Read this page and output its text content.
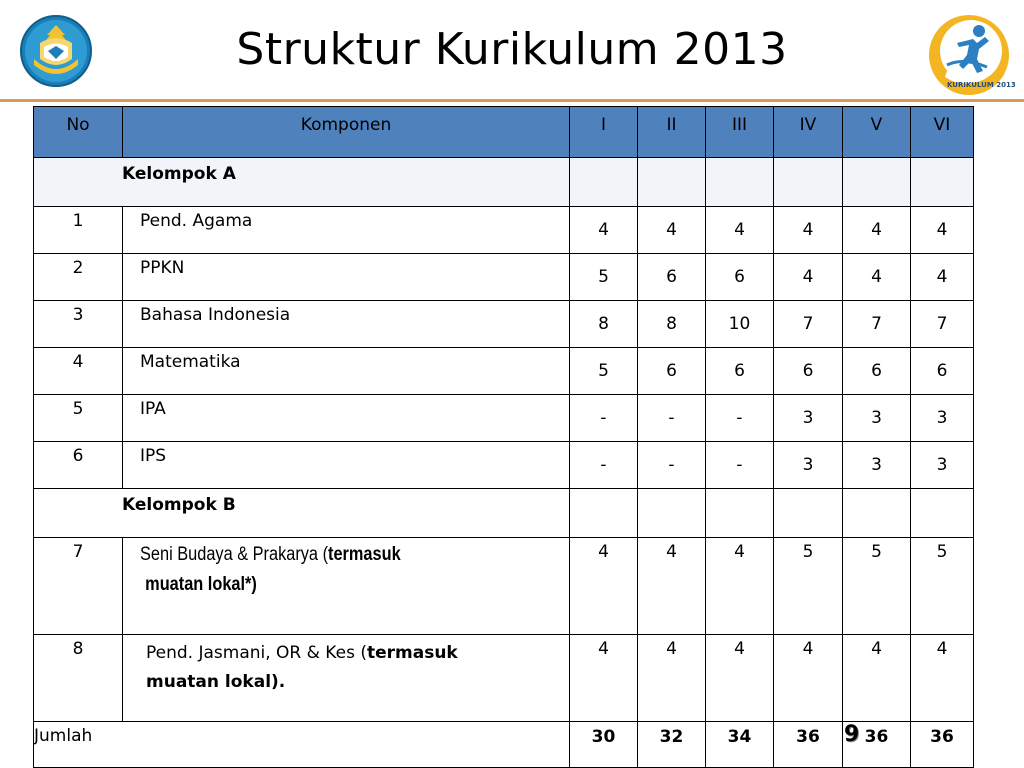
Struktur Kurikulum 2013
KURIKULUM 2013
No	Komponen	I	II	III	IV	V	VI
Kelompok A							
1	Pend. Agama	4	4	4	4	4	4
2	PPKN	5	6	6	4	4	4
3	Bahasa Indonesia	8	8	10	7	7	7
4	Matematika	5	6	6	6	6	6
5	IPA	-	-	-	3	3	3
6	IPS	-	-	-	3	3	3
Kelompok B							
7	Seni Budaya & Prakarya (termasuk
muatan lokal*)	4	4	4	5	5	5
8	Pend. Jasmani, OR & Kes (termasuk
muatan lokal).	4	4	4	4	4	4
Jumlah		30	32	34	36	36	36
9
